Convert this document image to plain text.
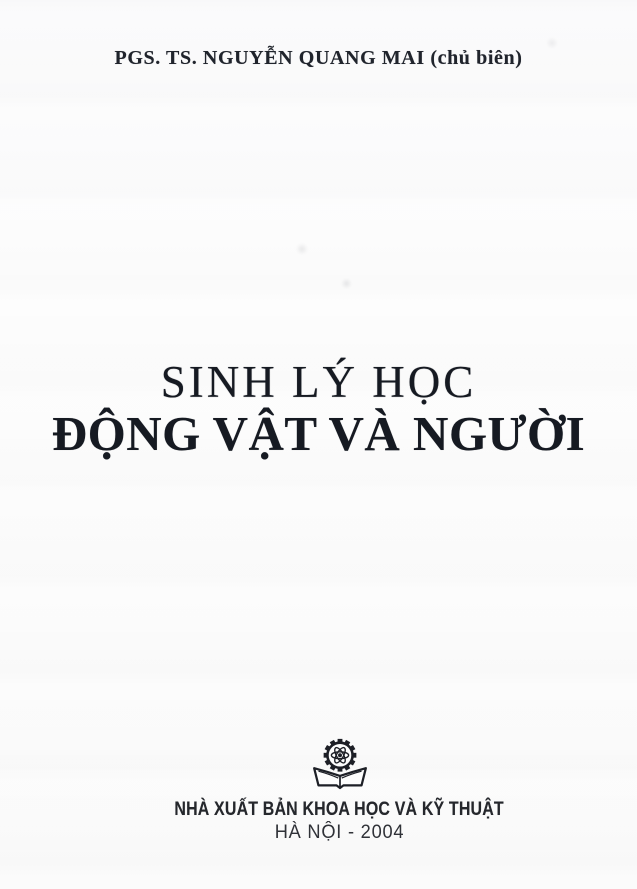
PGS. TS. NGUYỄN QUANG MAI (chủ biên)
SINH LÝ HỌC
ĐỘNG VẬT VÀ NGƯỜI
NHÀ XUẤT BẢN KHOA HỌC VÀ KỸ THUẬT
HÀ NỘI - 2004
